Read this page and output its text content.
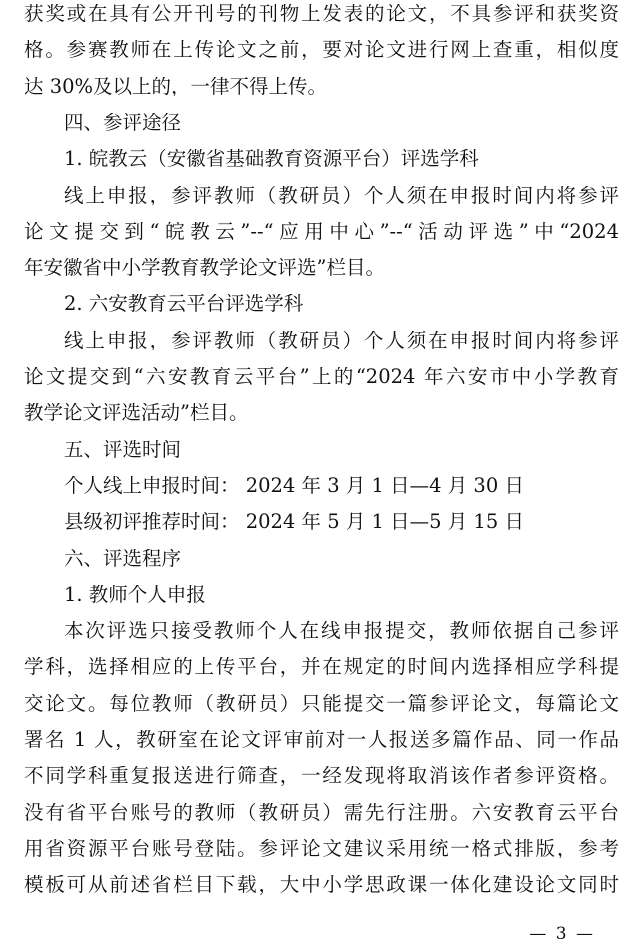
获奖或在具有公开刊号的刊物上发表的论文，不具参评和获奖资
格。参赛教师在上传论文之前，要对论文进行网上查重，相似度
达 30%及以上的，一律不得上传。
四、参评途径
1. 皖教云（安徽省基础教育资源平台）评选学科
线上申报，参评教师（教研员）个人须在申报时间内将参评
论文提交到“皖教云”--“应用中心”--“活动评选”中“2024
年安徽省中小学教育教学论文评选”栏目。
2. 六安教育云平台评选学科
线上申报，参评教师（教研员）个人须在申报时间内将参评
论文提交到“六安教育云平台”上的“2024 年六安市中小学教育
教学论文评选活动”栏目。
五、评选时间
个人线上申报时间： 2024 年 3 月 1 日—4 月 30 日
县级初评推荐时间： 2024 年 5 月 1 日—5 月 15 日
六、评选程序
1. 教师个人申报
本次评选只接受教师个人在线申报提交，教师依据自己参评
学科，选择相应的上传平台，并在规定的时间内选择相应学科提
交论文。每位教师（教研员）只能提交一篇参评论文，每篇论文
署名 1 人，教研室在论文评审前对一人报送多篇作品、同一作品
不同学科重复报送进行筛查，一经发现将取消该作者参评资格。
没有省平台账号的教师（教研员）需先行注册。六安教育云平台
用省资源平台账号登陆。参评论文建议采用统一格式排版，参考
模板可从前述省栏目下载，大中小学思政课一体化建设论文同时
— 3 —
